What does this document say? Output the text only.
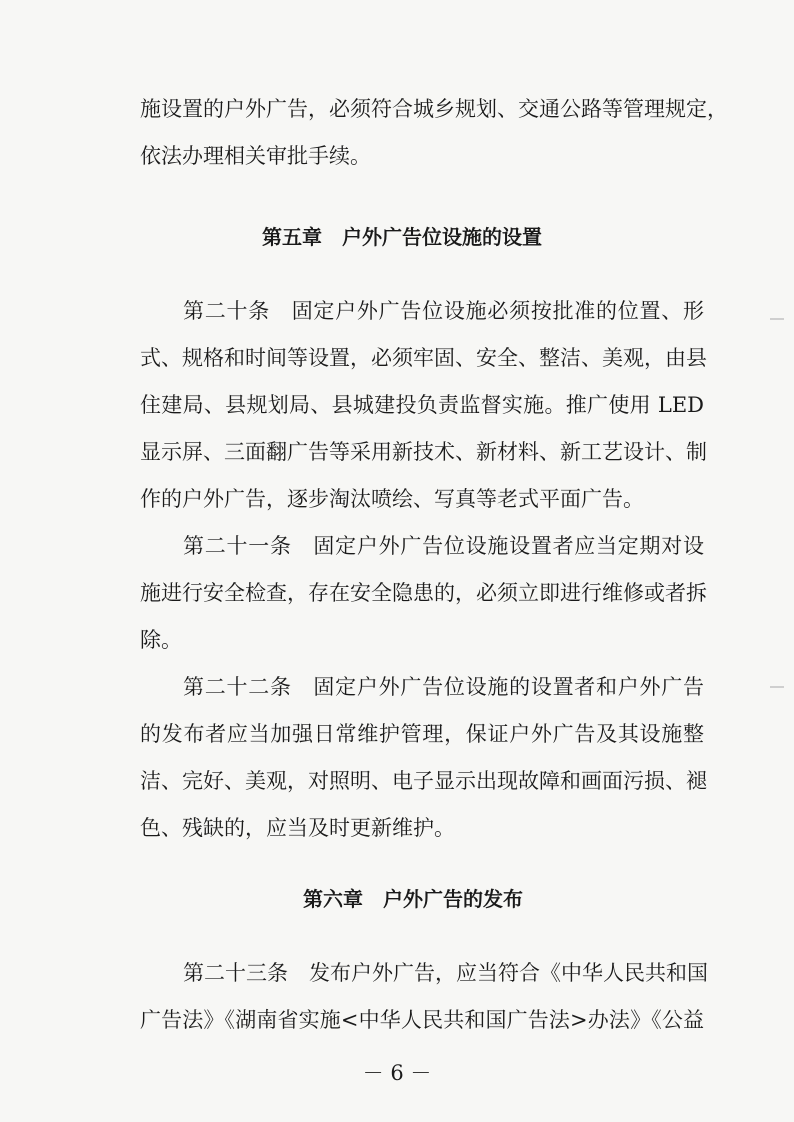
施设置的户外广告，必须符合城乡规划、交通公路等管理规定，
依法办理相关审批手续。
第五章　户外广告位设施的设置
第二十条　固定户外广告位设施必须按批准的位置、形
式、规格和时间等设置，必须牢固、安全、整洁、美观，由县
住建局、县规划局、县城建投负责监督实施。推广使用 LED
显示屏、三面翻广告等采用新技术、新材料、新工艺设计、制
作的户外广告，逐步淘汰喷绘、写真等老式平面广告。
第二十一条　固定户外广告位设施设置者应当定期对设
施进行安全检查，存在安全隐患的，必须立即进行维修或者拆
除。
第二十二条　固定户外广告位设施的设置者和户外广告
的发布者应当加强日常维护管理，保证户外广告及其设施整
洁、完好、美观，对照明、电子显示出现故障和画面污损、褪
色、残缺的，应当及时更新维护。
第六章　户外广告的发布
第二十三条　发布户外广告，应当符合《中华人民共和国
广告法》《湖南省实施<中华人民共和国广告法>办法》《公益
－ 6 －
